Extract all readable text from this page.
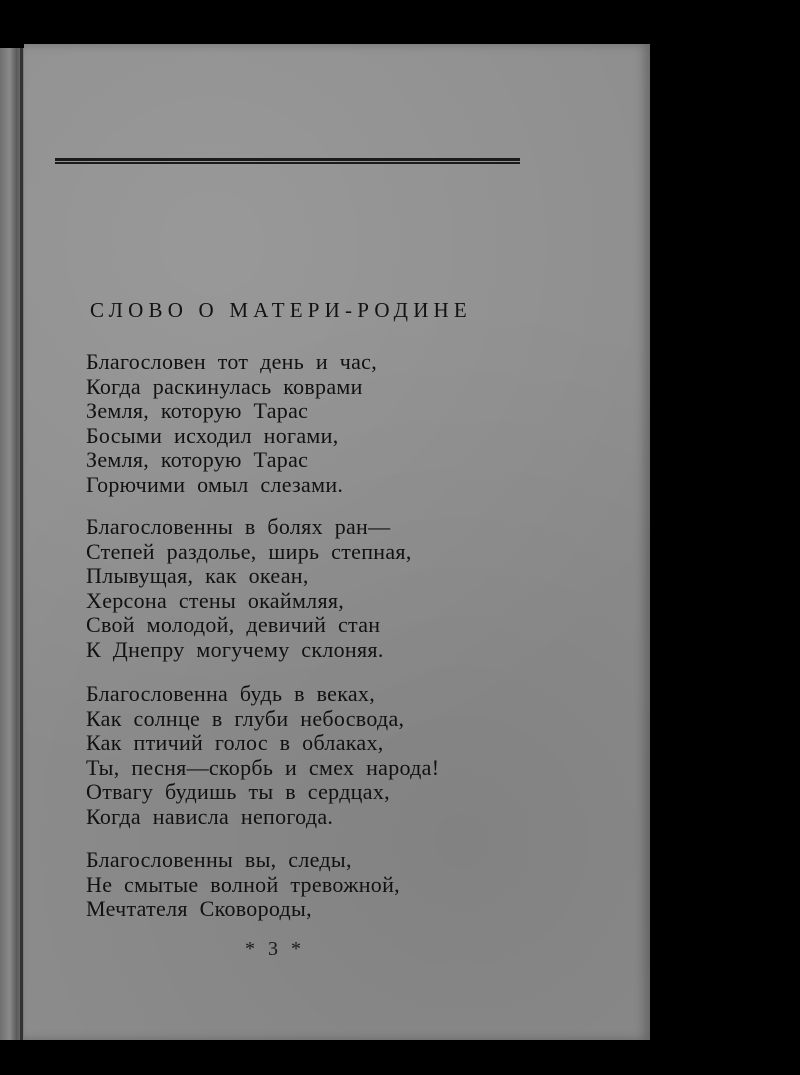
СЛОВО О МАТЕРИ-РОДИНЕ
Благословен тот день и час,
Когда раскинулась коврами
Земля, которую Тарас
Босыми исходил ногами,
Земля, которую Тарас
Горючими омыл слезами.
Благословенны в болях ран—
Степей раздолье, ширь степная,
Плывущая, как океан,
Херсона стены окаймляя,
Свой молодой, девичий стан
К Днепру могучему склоняя.
Благословенна будь в веках,
Как солнце в глуби небосвода,
Как птичий голос в облаках,
Ты, песня—скорбь и смех народа!
Отвагу будишь ты в сердцах,
Когда нависла непогода.
Благословенны вы, следы,
Не смытые волной тревожной,
Мечтателя Сковороды,
* 3 *
